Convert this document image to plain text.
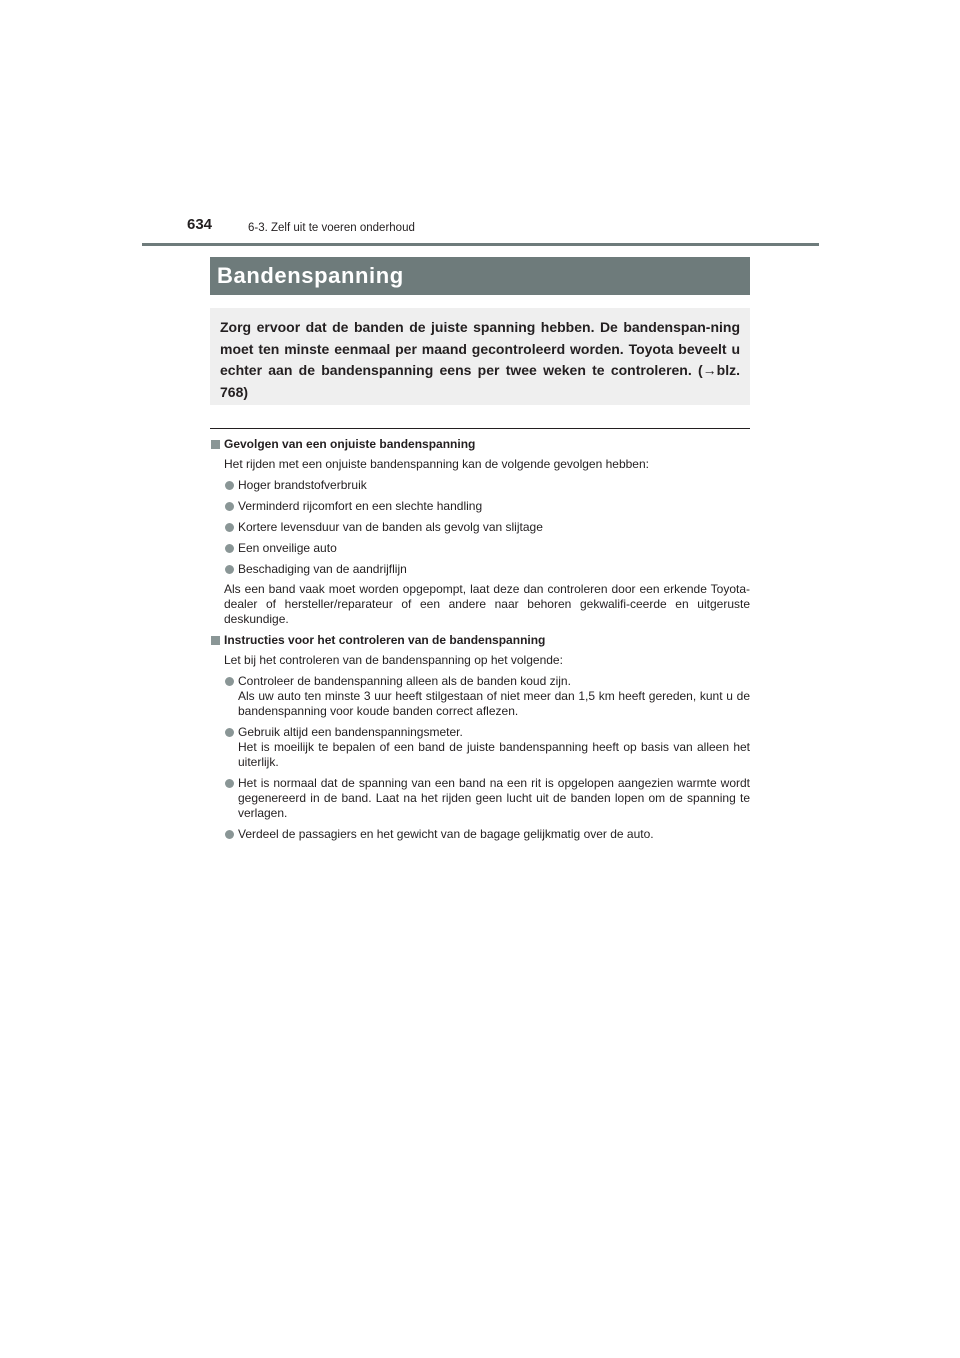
634	6-3. Zelf uit te voeren onderhoud
Bandenspanning

Zorg ervoor dat de banden de juiste spanning hebben. De bandenspan-ning moet ten minste eenmaal per maand gecontroleerd worden. Toyota beveelt u echter aan de bandenspanning eens per twee weken te controleren. (→blz. 768)

Gevolgen van een onjuiste bandenspanning
Het rijden met een onjuiste bandenspanning kan de volgende gevolgen hebben:
Hoger brandstofverbruik
Verminderd rijcomfort en een slechte handling
Kortere levensduur van de banden als gevolg van slijtage
Een onveilige auto
Beschadiging van de aandrijflijn
Als een band vaak moet worden opgepompt, laat deze dan controleren door een erkende Toyota-dealer of hersteller/reparateur of een andere naar behoren gekwalifi-ceerde en uitgeruste deskundige.
Instructies voor het controleren van de bandenspanning
Let bij het controleren van de bandenspanning op het volgende:
Controleer de bandenspanning alleen als de banden koud zijn.
Als uw auto ten minste 3 uur heeft stilgestaan of niet meer dan 1,5 km heeft gereden, kunt u de bandenspanning voor koude banden correct aflezen.
Gebruik altijd een bandenspanningsmeter.
Het is moeilijk te bepalen of een band de juiste bandenspanning heeft op basis van alleen het uiterlijk.
Het is normaal dat de spanning van een band na een rit is opgelopen aangezien warmte wordt gegenereerd in de band. Laat na het rijden geen lucht uit de banden lopen om de spanning te verlagen.
Verdeel de passagiers en het gewicht van de bagage gelijkmatig over de auto.
